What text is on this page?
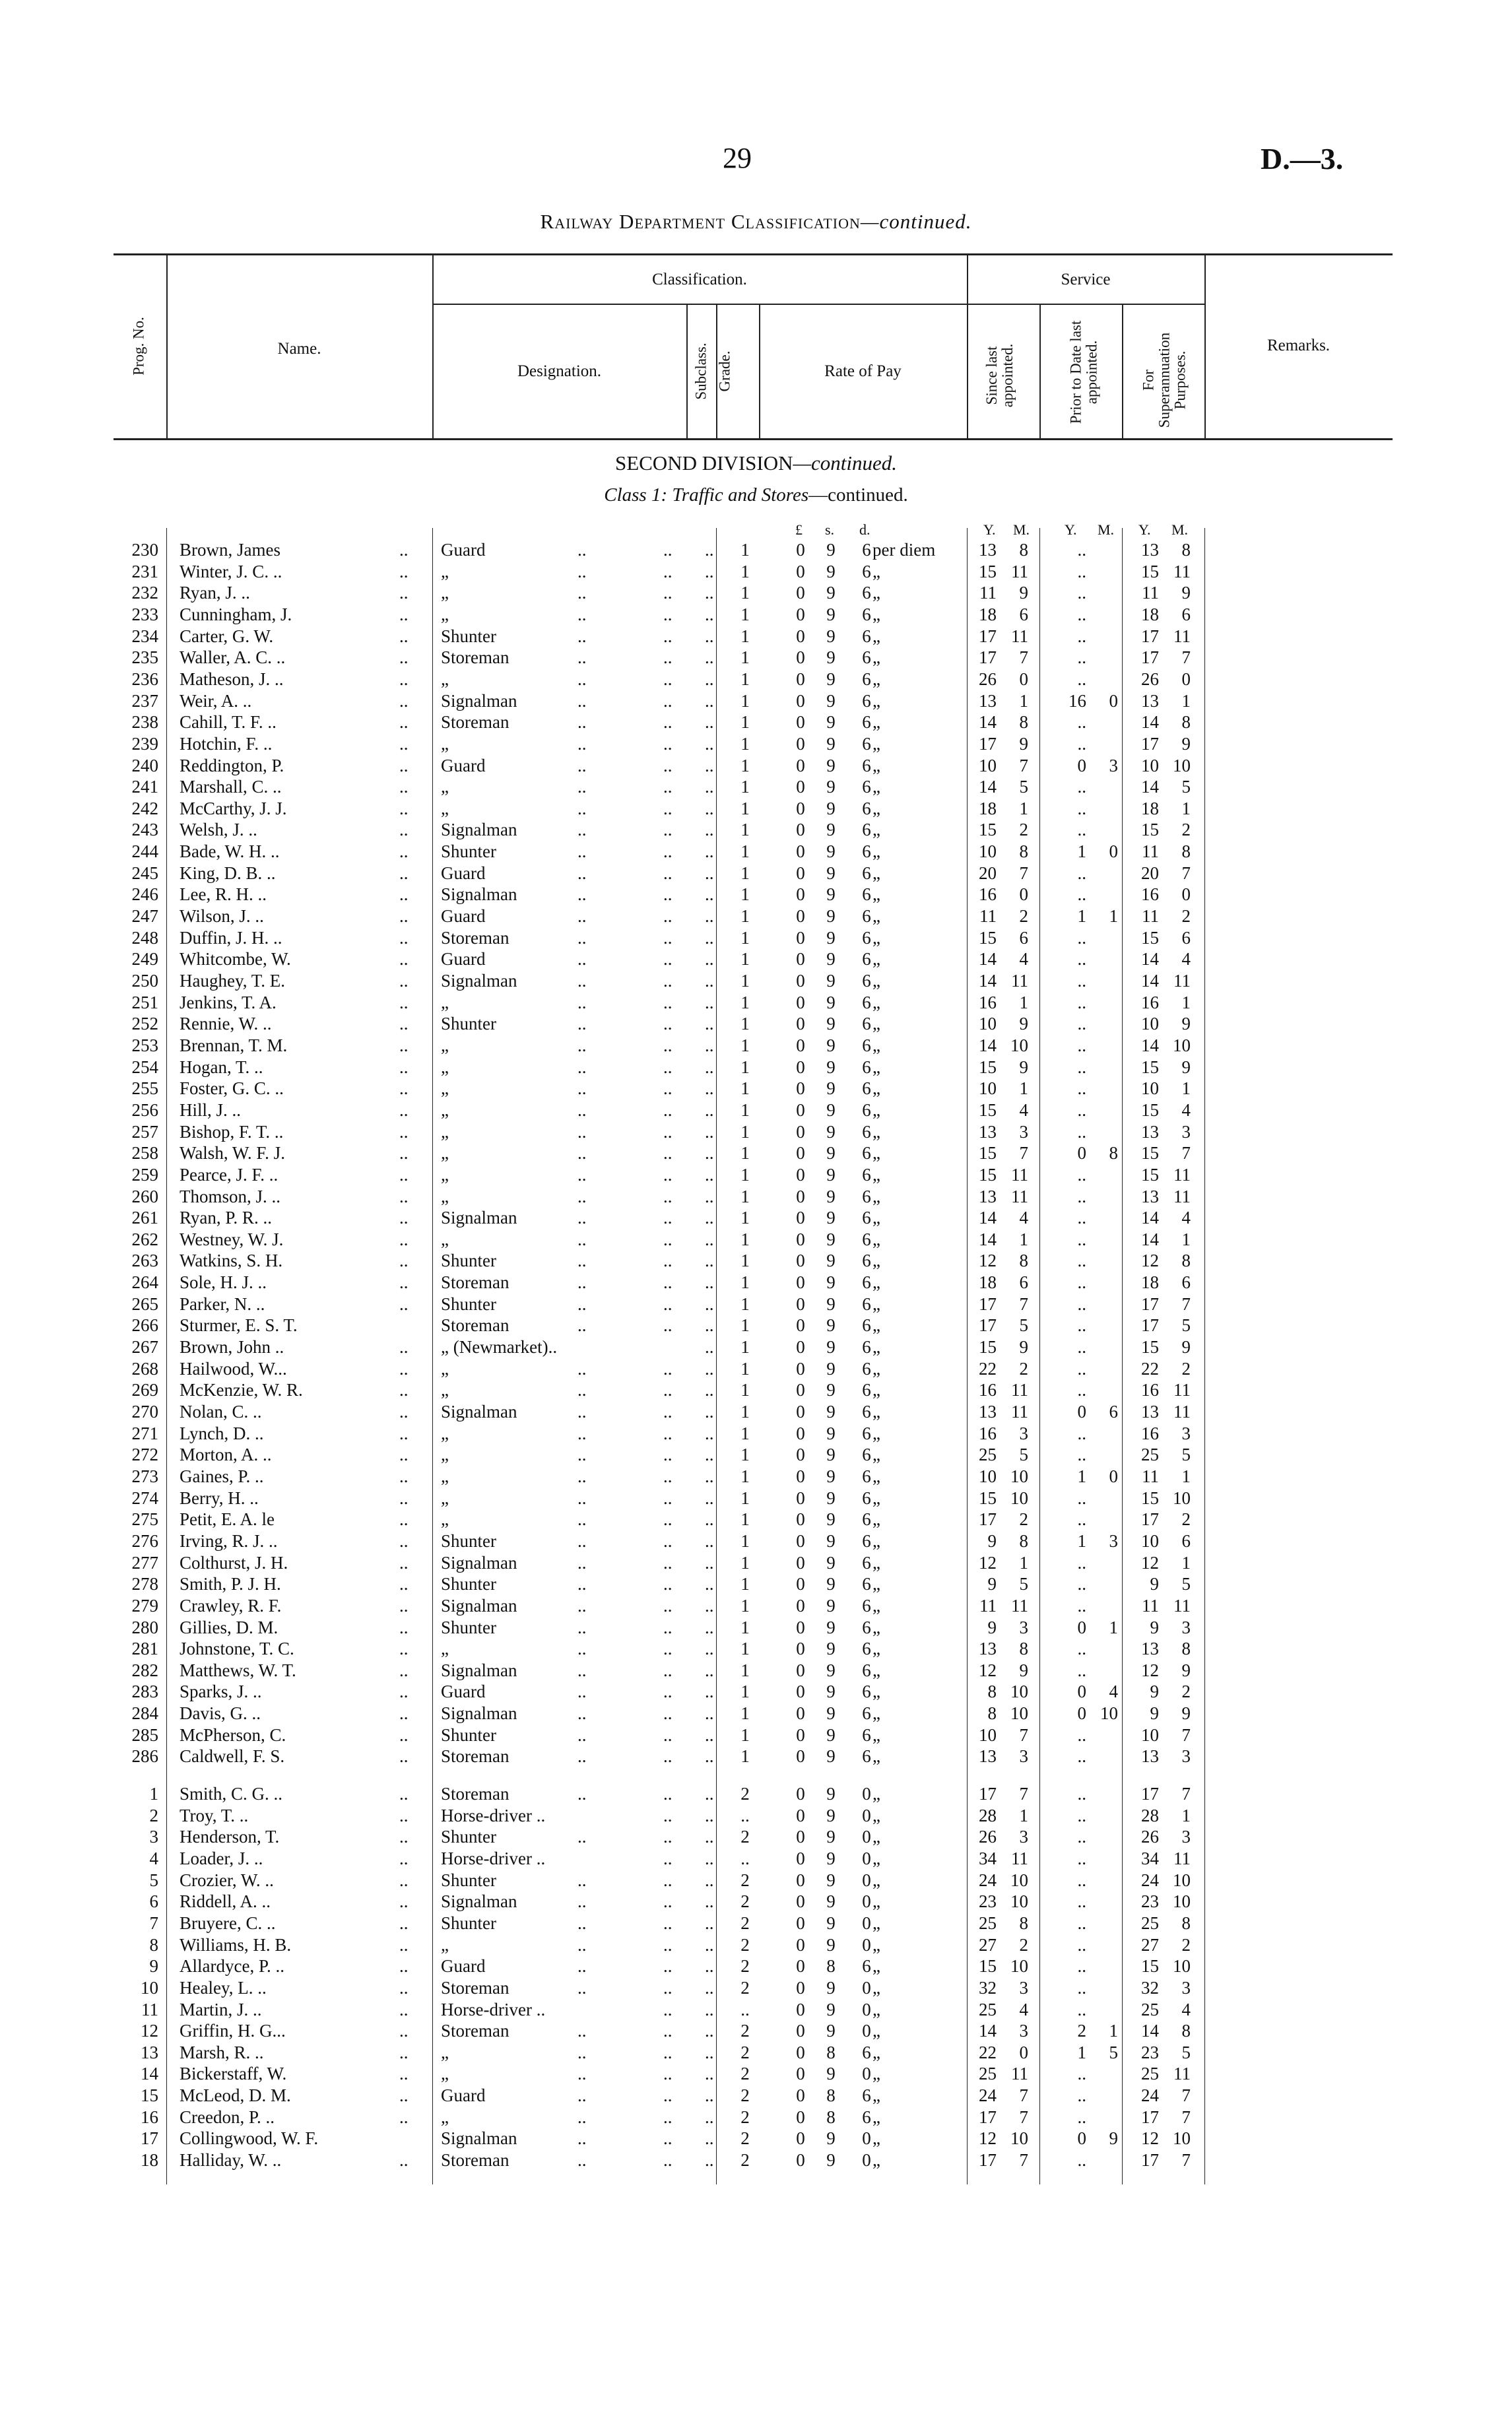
29	D.—3.
Railway Department Classification—continued.
Prog. No.	Name.
Classification.
Designation.	Subclass. Grade.	Rate of Pay
Service
Since last appointed.	Prior to Date last appointed.	For Superannuation Purposes.
Remarks.
SECOND DIVISION—continued.
Class 1: Traffic and Stores—continued.
£ s. d.	Y. M. Y. M. Y. M.
230 Brown, James	.. Guard	..	.. ..	1	0 9 6 per diem	13	8	..	13	8
231 Winter, J. C. ..	.. „	..	.. ..	1	0 9 6 „	15 11	..	15 11
232 Ryan, J. ..	.. „	..	.. ..	1	0 9 6 „	11	9	..	11	9
233 Cunningham, J.	.. „	..	.. ..	1	0 9 6 „	18	6	..	18	6
234 Carter, G. W.	.. Shunter	..	.. ..	1	0 9 6 „	17 11	..	17 11
235 Waller, A. C. ..	.. Storeman	..	.. ..	1	0 9 6 „	17	7	..	17	7
236 Matheson, J. ..	.. „	..	.. ..	1	0 9 6 „	26	0	..	26	0
237 Weir, A. ..	.. Signalman	..	.. ..	1	0 9 6 „	13	1	16	0	13	1
238 Cahill, T. F. ..	.. Storeman	..	.. ..	1	0 9 6 „	14	8	..	14	8
239 Hotchin, F. ..	.. „	..	.. ..	1	0 9 6 „	17	9	..	17	9
240 Reddington, P.	.. Guard	..	.. ..	1	0 9 6 „	10	7	0	3	10 10
241 Marshall, C. ..	.. „	..	.. ..	1	0 9 6 „	14	5	..	14	5
242 McCarthy, J. J.	.. „	..	.. ..	1	0 9 6 „	18	1	..	18	1
243 Welsh, J. ..	.. Signalman	..	.. ..	1	0 9 6 „	15	2	..	15	2
244 Bade, W. H. ..	.. Shunter	..	.. ..	1	0 9 6 „	10	8	1	0	11	8
245 King, D. B. ..	.. Guard	..	.. ..	1	0 9 6 „	20	7	..	20	7
246 Lee, R. H. ..	.. Signalman	..	.. ..	1	0 9 6 „	16	0	..	16	0
247 Wilson, J. ..	.. Guard	..	.. ..	1	0 9 6 „	11	2	1	1	11	2
248 Duffin, J. H. ..	.. Storeman	..	.. ..	1	0 9 6 „	15	6	..	15	6
249 Whitcombe, W.	.. Guard	..	.. ..	1	0 9 6 „	14	4	..	14	4
250 Haughey, T. E.	.. Signalman	..	.. ..	1	0 9 6 „	14 11	..	14 11
251 Jenkins, T. A.	.. „	..	.. ..	1	0 9 6 „	16	1	..	16	1
252 Rennie, W. ..	.. Shunter	..	.. ..	1	0 9 6 „	10	9	..	10	9
253 Brennan, T. M.	.. „	..	.. ..	1	0 9 6 „	14 10	..	14 10
254 Hogan, T. ..	.. „	..	.. ..	1	0 9 6 „	15	9	..	15	9
255 Foster, G. C. ..	.. „	..	.. ..	1	0 9 6 „	10	1	..	10	1
256 Hill, J. ..	.. „	..	.. ..	1	0 9 6 „	15	4	..	15	4
257 Bishop, F. T. ..	.. „	..	.. ..	1	0 9 6 „	13	3	..	13	3
258 Walsh, W. F. J.	.. „	..	.. ..	1	0 9 6 „	15	7	0	8	15	7
259 Pearce, J. F. ..	.. „	..	.. ..	1	0 9 6 „	15 11	..	15 11
260 Thomson, J. ..	.. „	..	.. ..	1	0 9 6 „	13 11	..	13 11
261 Ryan, P. R. ..	.. Signalman	..	.. ..	1	0 9 6 „	14	4	..	14	4
262 Westney, W. J.	.. „	..	.. ..	1	0 9 6 „	14	1	..	14	1
263 Watkins, S. H.	.. Shunter	..	.. ..	1	0 9 6 „	12	8	..	12	8
264 Sole, H. J. ..	.. Storeman	..	.. ..	1	0 9 6 „	18	6	..	18	6
265 Parker, N. ..	.. Shunter	..	.. ..	1	0 9 6 „	17	7	..	17	7
266 Sturmer, E. S. T.	Storeman	..	.. ..	1	0 9 6 „	17	5	..	17	5
267 Brown, John ..	.. „ (Newmarket)..	..	1	0 9 6 „	15	9	..	15	9
268 Hailwood, W...	.. „	..	.. ..	1	0 9 6 „	22	2	..	22	2
269 McKenzie, W. R.	.. „	..	.. ..	1	0 9 6 „	16 11	..	16 11
270 Nolan, C. ..	.. Signalman	..	.. ..	1	0 9 6 „	13 11	0	6	13 11
271 Lynch, D. ..	.. „	..	.. ..	1	0 9 6 „	16	3	..	16	3
272 Morton, A. ..	.. „	..	.. ..	1	0 9 6 „	25	5	..	25	5
273 Gaines, P. ..	.. „	..	.. ..	1	0 9 6 „	10 10	1	0	11	1
274 Berry, H. ..	.. „	..	.. ..	1	0 9 6 „	15 10	..	15 10
275 Petit, E. A. le	.. „	..	.. ..	1	0 9 6 „	17	2	..	17	2
276 Irving, R. J. ..	.. Shunter	..	.. ..	1	0 9 6 „	9	8	1	3	10	6
277 Colthurst, J. H.	.. Signalman	..	.. ..	1	0 9 6 „	12	1	..	12	1
278 Smith, P. J. H.	.. Shunter	..	.. ..	1	0 9 6 „	9	5	..	9	5
279 Crawley, R. F.	.. Signalman	..	.. ..	1	0 9 6 „	11 11	..	11 11
280 Gillies, D. M.	.. Shunter	..	.. ..	1	0 9 6 „	9	3	0	1	9	3
281 Johnstone, T. C.	.. „	..	.. ..	1	0 9 6 „	13	8	..	13	8
282 Matthews, W. T.	.. Signalman	..	.. ..	1	0 9 6 „	12	9	..	12	9
283 Sparks, J. ..	.. Guard	..	.. ..	1	0 9 6 „	8 10	0	4	9	2
284 Davis, G. ..	.. Signalman	..	.. ..	1	0 9 6 „	8 10	0 10	9	9
285 McPherson, C.	.. Shunter	..	.. ..	1	0 9 6 „	10	7	..	10	7
286 Caldwell, F. S.	.. Storeman	..	.. ..	1	0 9 6 „	13	3	..	13	3
1 Smith, C. G. ..	.. Storeman	..	.. ..	2	0 9 0 „	17	7	..	17	7
2 Troy, T. ..	.. Horse-driver ..	.. ..	..	0 9 0 „	28	1	..	28	1
3 Henderson, T.	.. Shunter	..	.. ..	2	0 9 0 „	26	3	..	26	3
4 Loader, J. ..	.. Horse-driver ..	.. ..	..	0 9 0 „	34 11	..	34 11
5 Crozier, W. ..	.. Shunter	..	.. ..	2	0 9 0 „	24 10	..	24 10
6 Riddell, A. ..	.. Signalman	..	.. ..	2	0 9 0 „	23 10	..	23 10
7 Bruyere, C. ..	.. Shunter	..	.. ..	2	0 9 0 „	25	8	..	25	8
8 Williams, H. B.	.. „	..	.. ..	2	0 9 0 „	27	2	..	27	2
9 Allardyce, P. ..	.. Guard	..	.. ..	2	0 8 6 „	15 10	..	15 10
10 Healey, L. ..	.. Storeman	..	.. ..	2	0 9 0 „	32	3	..	32	3
11 Martin, J. ..	.. Horse-driver ..	.. ..	..	0 9 0 „	25	4	..	25	4
12 Griffin, H. G...	.. Storeman	..	.. ..	2	0 9 0 „	14	3	2	1	14	8
13 Marsh, R. ..	.. „	..	.. ..	2	0 8 6 „	22	0	1	5	23	5
14 Bickerstaff, W.	.. „	..	.. ..	2	0 9 0 „	25 11	..	25 11
15 McLeod, D. M.	.. Guard	..	.. ..	2	0 8 6 „	24	7	..	24	7
16 Creedon, P. ..	.. „	..	.. ..	2	0 8 6 „	17	7	..	17	7
17 Collingwood, W. F.	Signalman	..	.. ..	2	0 9 0 „	12 10	0	9	12 10
18 Halliday, W. ..	.. Storeman	..	.. ..	2	0 9 0 „	17	7	..	17	7
